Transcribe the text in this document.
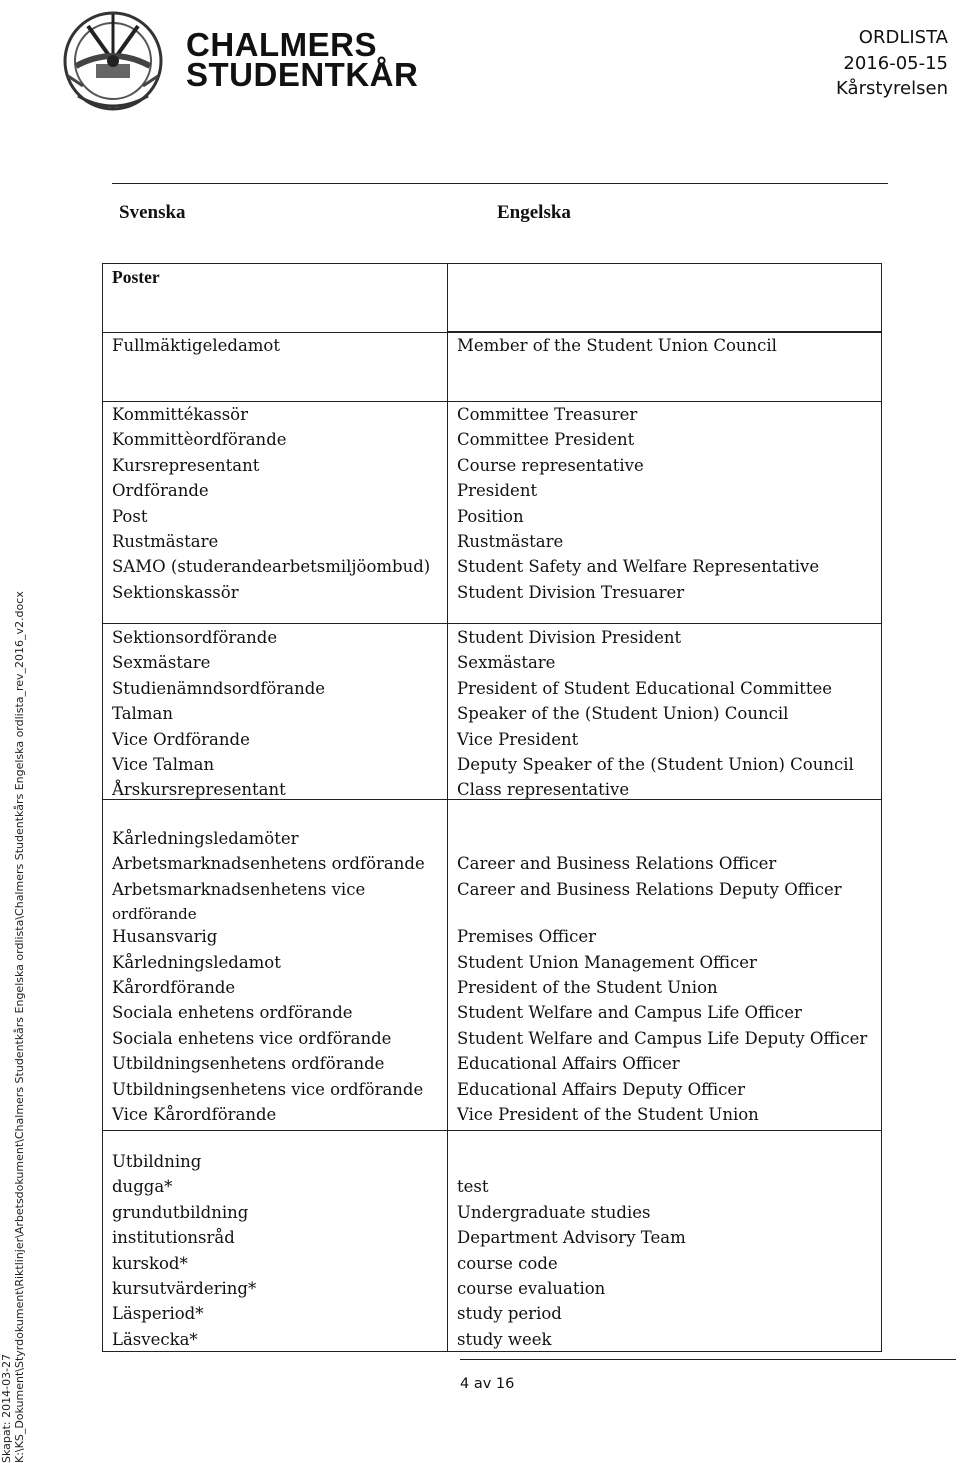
CHALMERS
STUDENTKÅR
ORDLISTA
2016-05-15
Kårstyrelsen
Svenska	Engelska
Poster
Fullmäktigeledamot	Member of the Student Union Council
Kommittékassör
Kommittèordförande
Kursrepresentant
Ordförande
Post
Rustmästare
SAMO (studerandearbetsmiljöombud)
Sektionskassör
Committee Treasurer
Committee President
Course representative
President
Position
Rustmästare
Student Safety and Welfare Representative
Student Division Tresuarer
Sektionsordförande
Sexmästare
Studienämndsordförande
Talman
Vice Ordförande
Vice Talman
Årskursrepresentant
Student Division President
Sexmästare
President of Student Educational Committee
Speaker of the (Student Union) Council
Vice President
Deputy Speaker of the (Student Union) Council
Class representative
Kårledningsledamöter
Arbetsmarknadsenhetens ordförande
Arbetsmarknadsenhetens vice
ordförande
Husansvarig
Kårledningsledamot
Kårordförande
Sociala enhetens ordförande
Sociala enhetens vice ordförande
Utbildningsenhetens ordförande
Utbildningsenhetens vice ordförande
Vice Kårordförande
Career and Business Relations Officer
Career and Business Relations Deputy Officer
Premises Officer
Student Union Management Officer
President of the Student Union
Student Welfare and Campus Life Officer
Student Welfare and Campus Life Deputy Officer
Educational Affairs Officer
Educational Affairs Deputy Officer
Vice President of the Student Union
Utbildning
dugga*
grundutbildning
institutionsråd
kurskod*
kursutvärdering*
Läsperiod*
Läsvecka*
test
Undergraduate studies
Department Advisory Team
course code
course evaluation
study period
study week
4 av 16
Skapat: 2014-03-27 K:\KS_Dokument\Styrdokument\Riktlinjer\Arbetsdokument\Chalmers Studentkårs Engelska ordlista\Chalmers Studentkårs Engelska ordlista_rev_2016_v2.docx
